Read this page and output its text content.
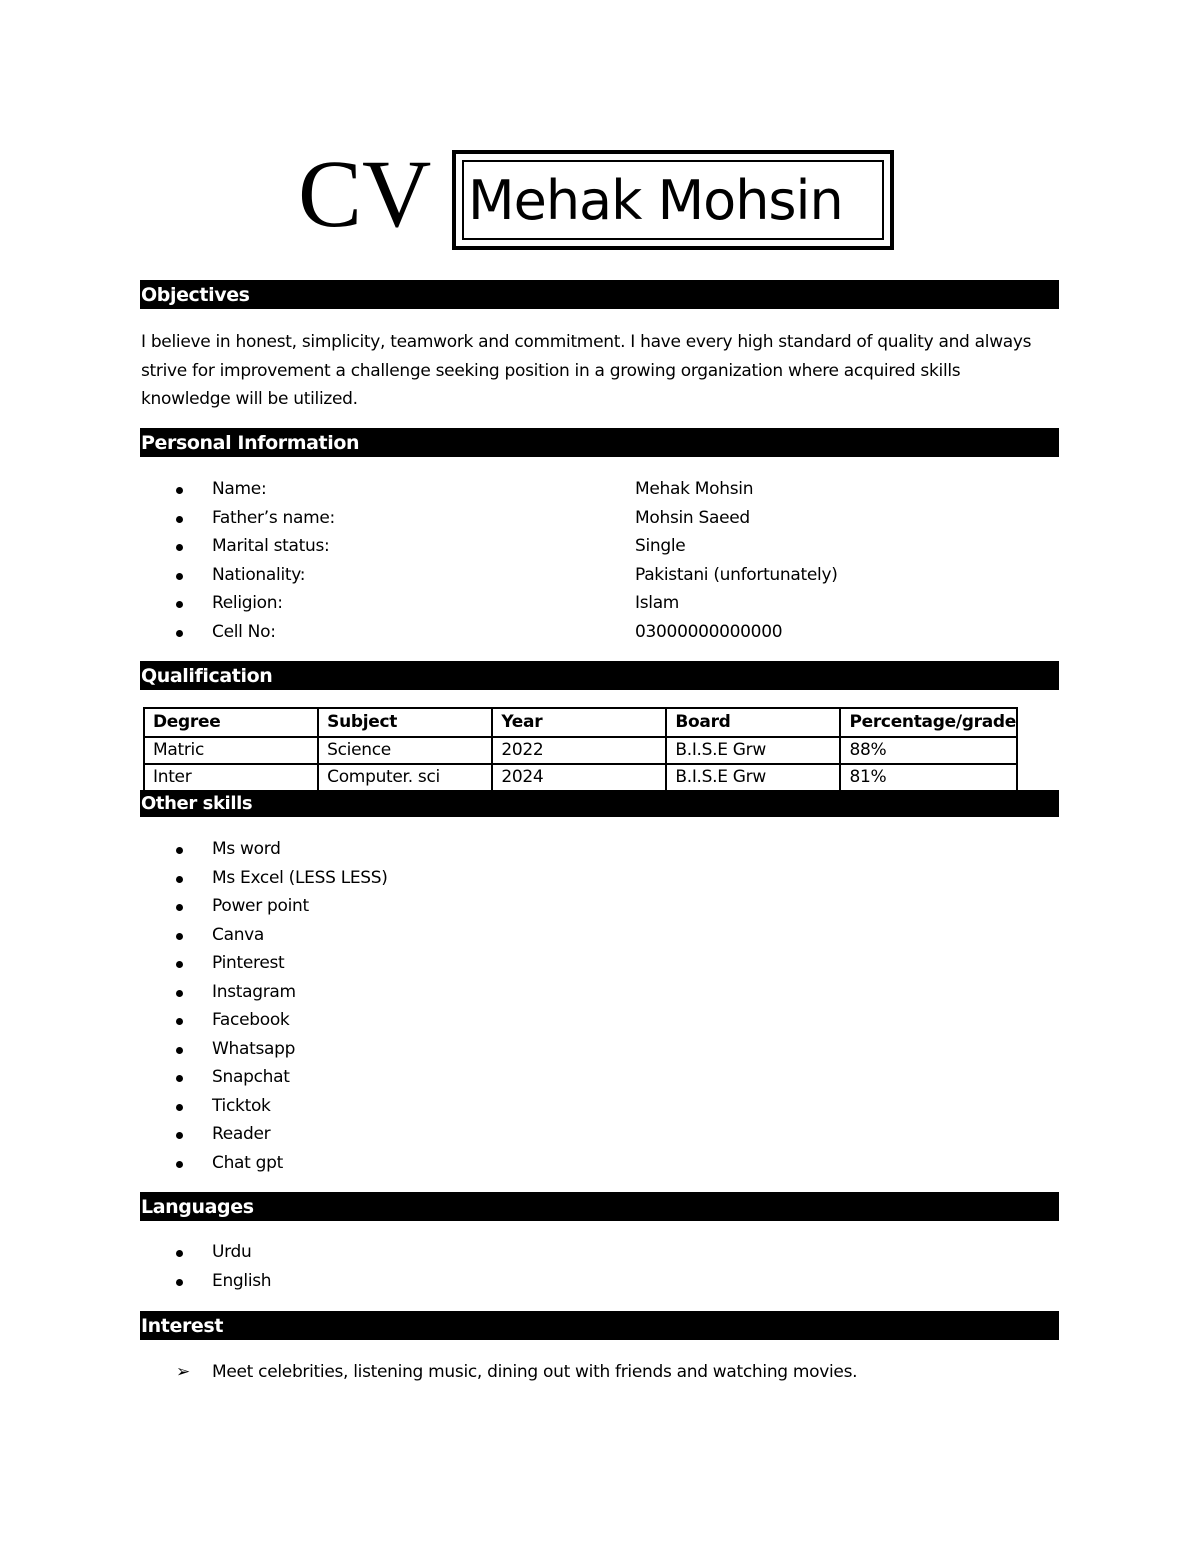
CV Mehak Mohsin
Objectives
I believe in honest, simplicity, teamwork and commitment. I have every high standard of quality and always strive for improvement a challenge seeking position in a growing organization where acquired skills knowledge will be utilized.
Personal Information
Name:	Mehak Mohsin
Father’s name:	Mohsin Saeed
Marital status:	Single
Nationality:	Pakistani (unfortunately)
Religion:	Islam
Cell No:	03000000000000
Qualification
Degree	Subject	Year	Board	Percentage/grade
Matric	Science	2022	B.I.S.E Grw	88%
Inter	Computer. sci	2024	B.I.S.E Grw	81%
Other skills
Ms word
Ms Excel (LESS LESS)
Power point
Canva
Pinterest
Instagram
Facebook
Whatsapp
Snapchat
Ticktok
Reader
Chat gpt
Languages
Urdu
English
Interest
➢ Meet celebrities, listening music, dining out with friends and watching movies.
